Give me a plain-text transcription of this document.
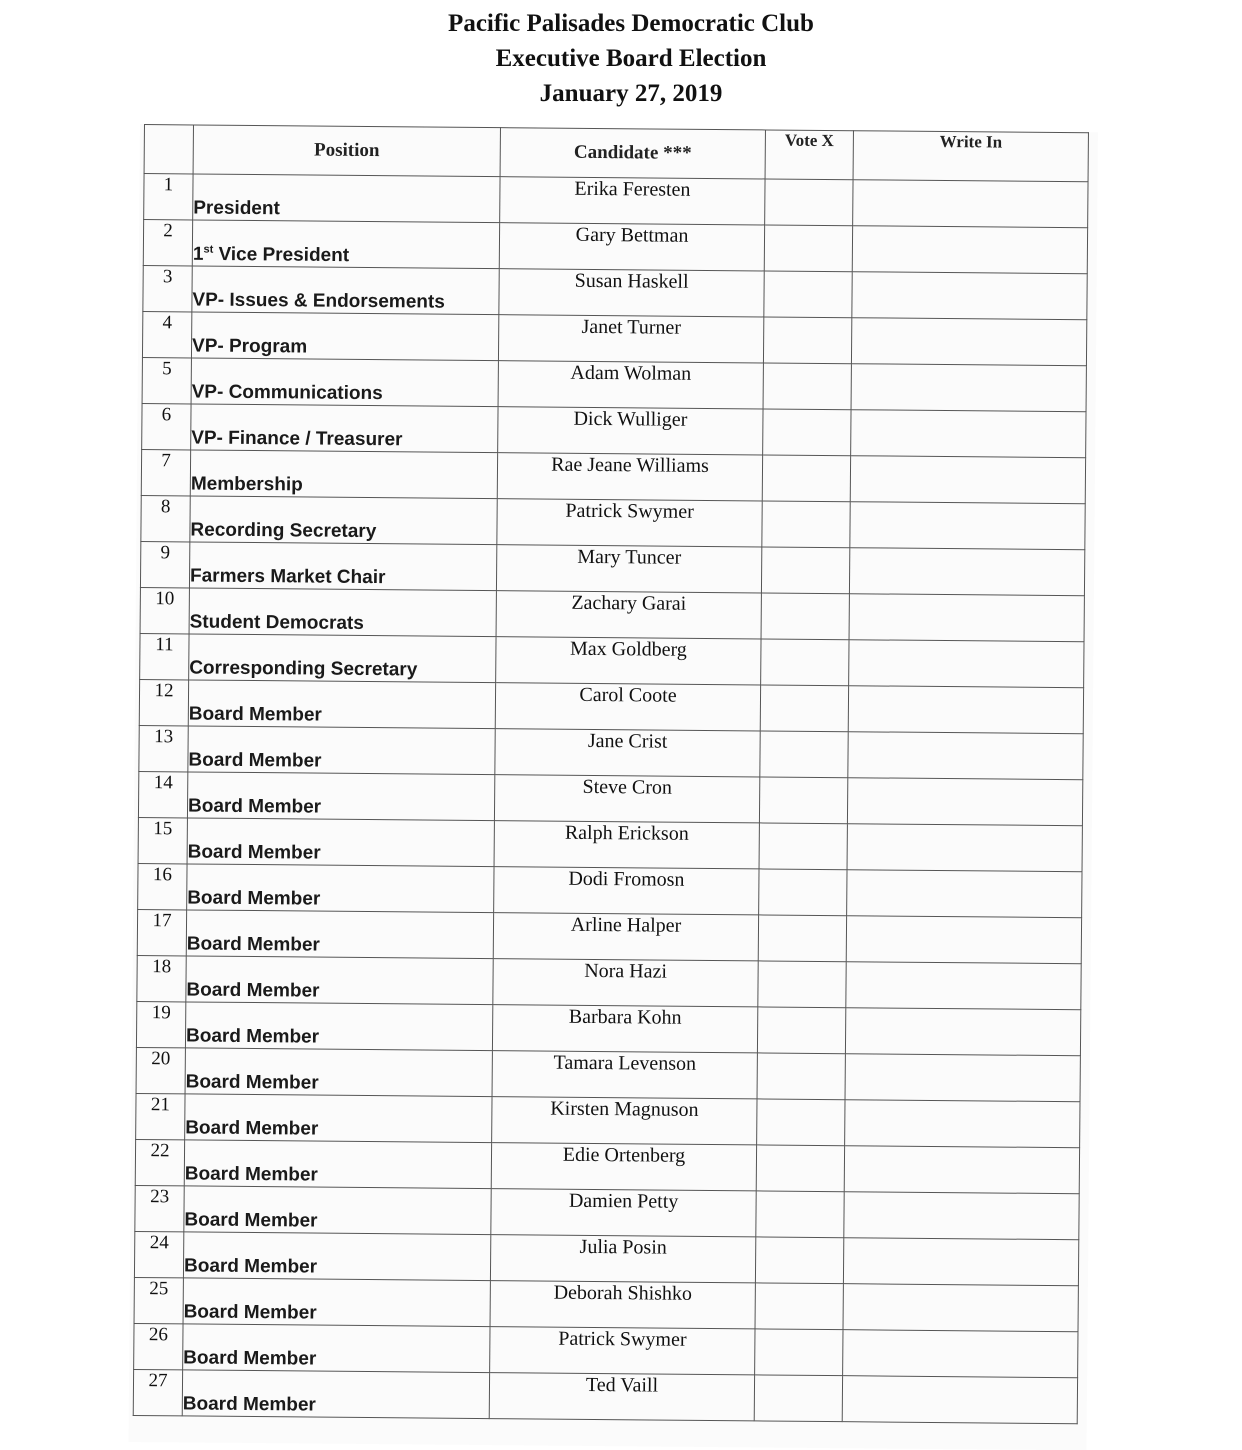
Pacific Palisades Democratic Club
Executive Board Election
January 27, 2019
	Position	Candidate ***	Vote X	Write In
1	President	Erika Feresten		
2	1st Vice President	Gary Bettman		
3	VP- Issues & Endorsements	Susan Haskell		
4	VP- Program	Janet Turner		
5	VP- Communications	Adam Wolman		
6	VP- Finance / Treasurer	Dick Wulliger		
7	Membership	Rae Jeane Williams		
8	Recording Secretary	Patrick Swymer		
9	Farmers Market Chair	Mary Tuncer		
10	Student Democrats	Zachary Garai		
11	Corresponding Secretary	Max Goldberg		
12	Board Member	Carol Coote		
13	Board Member	Jane Crist		
14	Board Member	Steve Cron		
15	Board Member	Ralph Erickson		
16	Board Member	Dodi Fromosn		
17	Board Member	Arline Halper		
18	Board Member	Nora Hazi		
19	Board Member	Barbara Kohn		
20	Board Member	Tamara Levenson		
21	Board Member	Kirsten Magnuson		
22	Board Member	Edie Ortenberg		
23	Board Member	Damien Petty		
24	Board Member	Julia Posin		
25	Board Member	Deborah Shishko		
26	Board Member	Patrick Swymer		
27	Board Member	Ted Vaill		
